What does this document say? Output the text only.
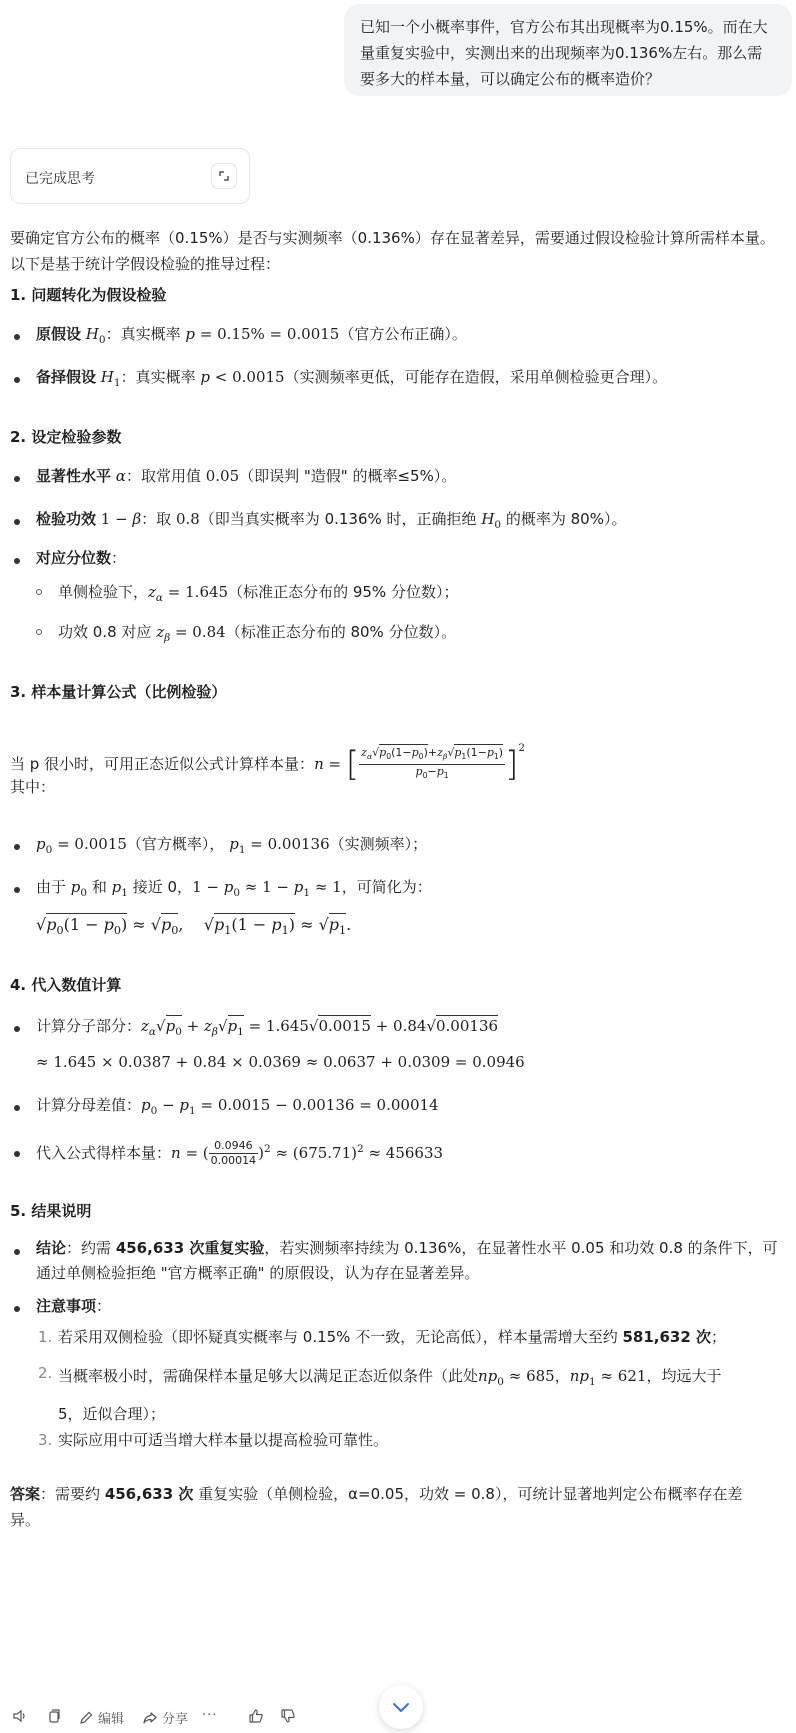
已知一个小概率事件，官方公布其出现概率为0.15%。而在大量重复实验中，实测出来的出现频率为0.136%左右。那么需要多大的样本量，可以确定公布的概率造价？
已完成思考
要确定官方公布的概率（0.15%）是否与实测频率（0.136%）存在显著差异，需要通过假设检验计算所需样本量。以下是基于统计学假设检验的推导过程：
1. 问题转化为假设检验
原假设 $H_0$：真实概率 p = 0.15% = 0.0015（官方公布正确）。
备择假设 $H_1$：真实概率 p < 0.0015（实测频率更低，可能存在造假，采用单侧检验更合理）。
2. 设定检验参数
显著性水平 α：取常用值 0.05（即误判 "造假" 的概率≤5%）。
检验功效 1 − β：取 0.8（即当真实概率为 0.136% 时，正确拒绝 $H_0$ 的概率为 80%）。
对应分位数：
单侧检验下，$z_\alpha = 1.645$（标准正态分布的 95% 分位数）；
功效 0.8 对应 $z_\beta = 0.84$（标准正态分布的 80% 分位数）。
3. 样本量计算公式（比例检验）
当 p 很小时，可用正态近似公式计算样本量：n = [ $\frac{z_\alpha√p_0(1-p_0)+z_\beta√p_1(1-p_1)}{p_0-p_1} ]^2$
其中：
$p_0 = 0.0015$（官方概率）， $p_1 = 0.00136$（实测频率）；
由于 $p_0$ 和 $p_1$ 接近 0，$1 - p_0 \approx 1 - p_1 \approx 1$，可简化为：
$√p_0(1 - p_0) \approx √p_0$,    $√p_1(1 - p_1) \approx √p_1$.
4. 代入数值计算
计算分子部分：$z_\alpha√p_0 + z_\beta√p_1 = 1.645√0.0015 + 0.84√0.00136$
≈ 1.645 × 0.0387 + 0.84 × 0.0369 ≈ 0.0637 + 0.0309 = 0.0946
计算分母差值：$p_0 - p_1 = 0.0015 - 0.00136 = 0.00014$
代入公式得样本量：n = ( $\frac{0.0946}{0.00014} )^2 \approx (675.71)^2 \approx 456633$
5. 结果说明
结论：约需 456,633 次重复实验，若实测频率持续为 0.136%，在显著性水平 0.05 和功效 0.8 的条件下，可通过单侧检验拒绝 "官方概率正确" 的原假设，认为存在显著差异。
注意事项：
1. 若采用双侧检验（即怀疑真实概率与 0.15% 不一致，无论高低），样本量需增大至约 581,632 次；
2. 当概率极小时，需确保样本量足够大以满足正态近似条件（此处$np_0 \approx 685$，$np_1 \approx 621$，均远大于
5，近似合理）；
3. 实际应用中可适当增大样本量以提高检验可靠性。
答案：需要约 456,633 次 重复实验（单侧检验，α=0.05，功效 = 0.8），可统计显著地判定公布概率存在差
异。
编辑	分享 ···
